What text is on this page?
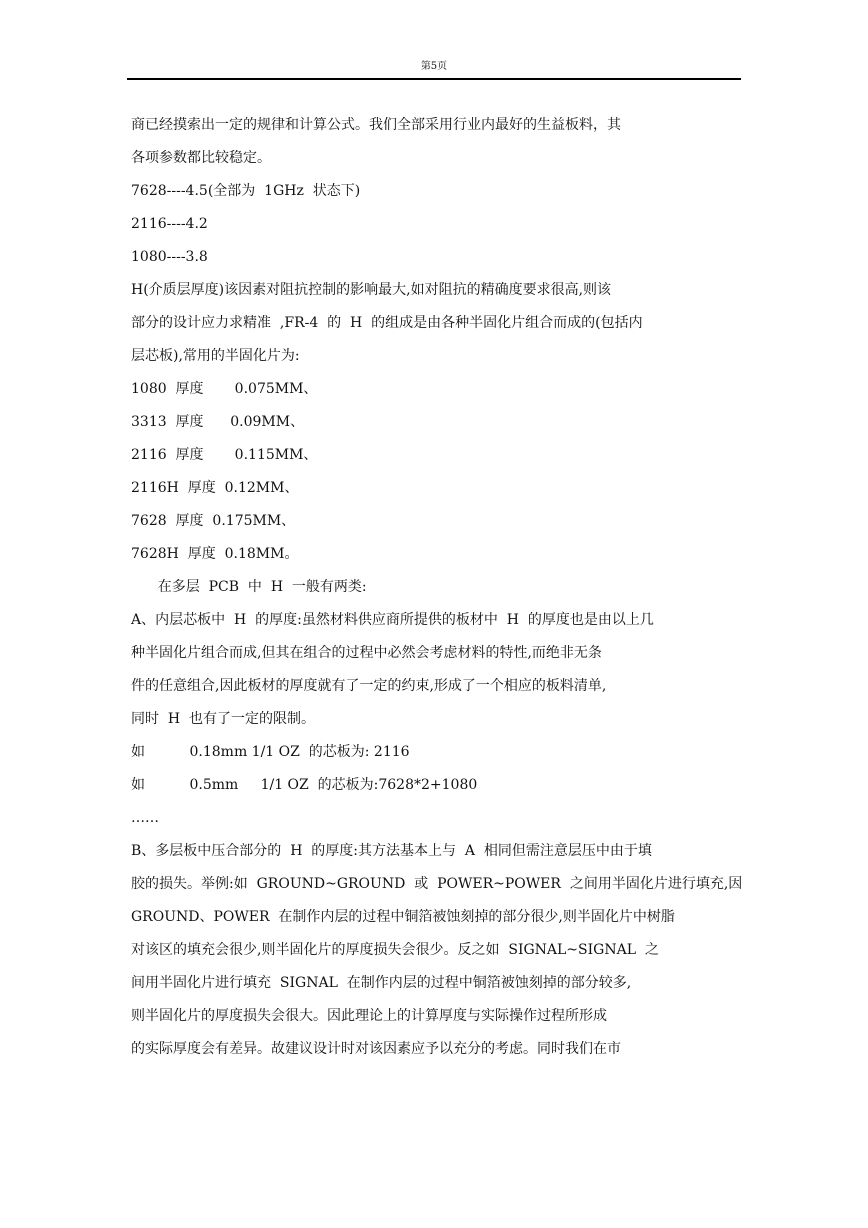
第5页
商已经摸索出一定的规律和计算公式。我们全部采用行业内最好的生益板料，其
各项参数都比较稳定。
7628----4.5(全部为  1GHz  状态下)
2116----4.2
1080----3.8
H(介质层厚度)该因素对阻抗控制的影响最大,如对阻抗的精确度要求很高,则该
部分的设计应力求精准  ,FR-4  的  H  的组成是由各种半固化片组合而成的(包括内
层芯板),常用的半固化片为:
1080  厚度       0.075MM、
3313  厚度      0.09MM、
2116  厚度       0.115MM、
2116H  厚度  0.12MM、
7628  厚度  0.175MM、
7628H  厚度  0.18MM。
在多层  PCB  中  H  一般有两类:
A、内层芯板中  H  的厚度:虽然材料供应商所提供的板材中  H  的厚度也是由以上几
种半固化片组合而成,但其在组合的过程中必然会考虑材料的特性,而绝非无条
件的任意组合,因此板材的厚度就有了一定的约束,形成了一个相应的板料清单,
同时  H  也有了一定的限制。
如          0.18mm 1/1 OZ  的芯板为: 2116
如          0.5mm     1/1 OZ  的芯板为:7628*2+1080
……
B、多层板中压合部分的  H  的厚度:其方法基本上与  A  相同但需注意层压中由于填
胶的损失。举例:如  GROUND~GROUND  或  POWER~POWER  之间用半固化片进行填充,因
GROUND、POWER  在制作内层的过程中铜箔被蚀刻掉的部分很少,则半固化片中树脂
对该区的填充会很少,则半固化片的厚度损失会很少。反之如  SIGNAL~SIGNAL  之
间用半固化片进行填充  SIGNAL  在制作内层的过程中铜箔被蚀刻掉的部分较多,
则半固化片的厚度损失会很大。因此理论上的计算厚度与实际操作过程所形成
的实际厚度会有差异。故建议设计时对该因素应予以充分的考虑。同时我们在市
